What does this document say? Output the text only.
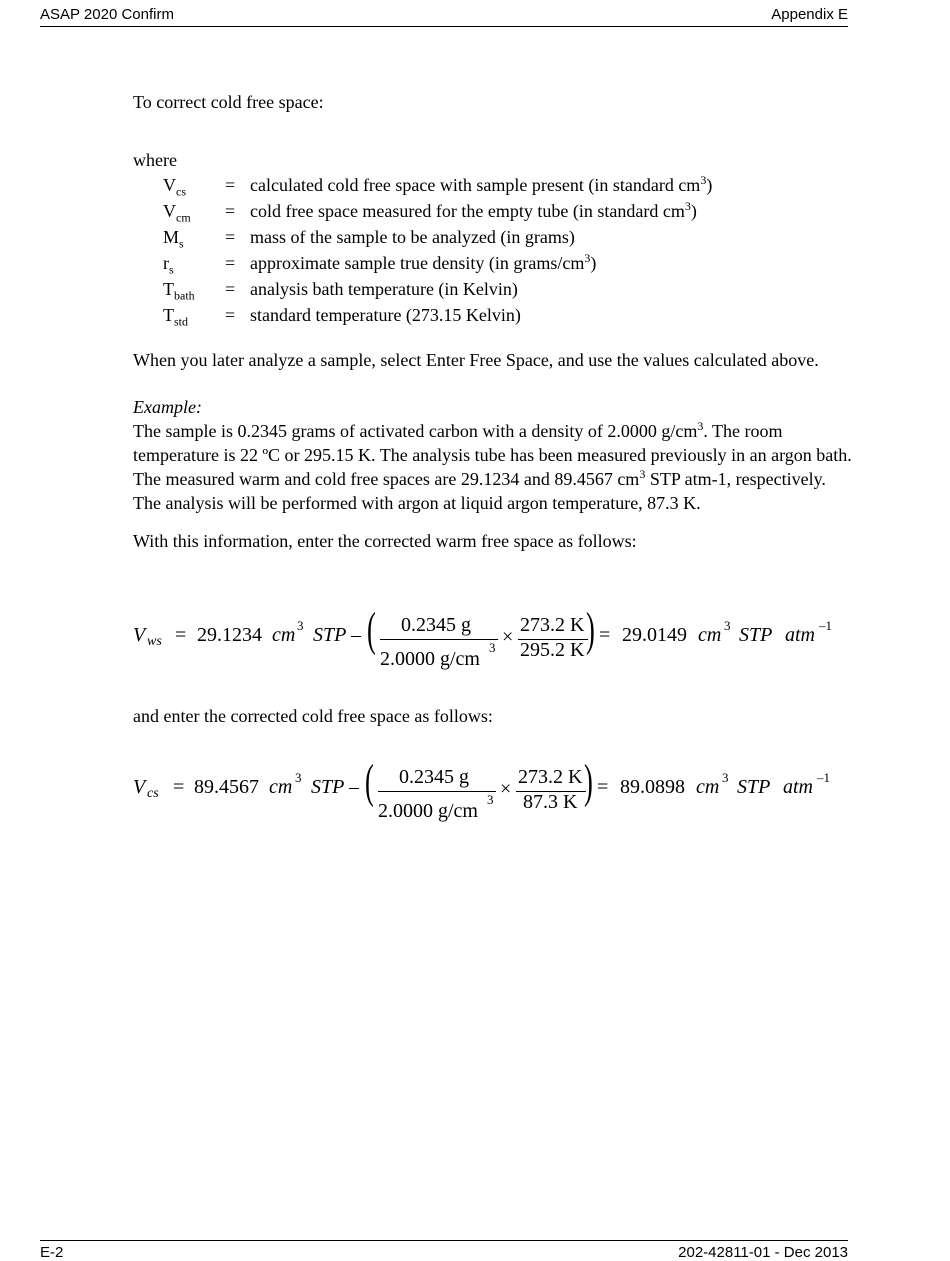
ASAP 2020 Confirm	Appendix E

To correct cold free space:

where

$V_{cs}$	=	calculated cold free space with sample present (in standard $cm^3$)
$V_{cm}$	=	cold free space measured for the empty tube (in standard $cm^3$)
$M_s$	=	mass of the sample to be analyzed (in grams)
$r_s$	=	approximate sample true density (in grams/$cm^3$)
$T_{bath}$	=	analysis bath temperature (in Kelvin)
$T_{std}$	=	standard temperature (273.15 Kelvin)

When you later analyze a sample, select Enter Free Space, and use the values calculated above.

Example:

The sample is 0.2345 grams of activated carbon with a density of 2.0000 $g/cm^3$. The room temperature is 22 ºC or 295.15 K. The analysis tube has been measured previously in an argon bath. The measured warm and cold free spaces are 29.1234 and 89.4567 $cm^3$ STP atm-1, respectively. The analysis will be performed with argon at liquid argon temperature, 87.3 K.

With this information, enter the corrected warm free space as follows:

V ws = 29.1234 cm 3 STP – ( 0.2345 g
2.0000 g/cm
3 ×
273.2 K
295.2 K ) = 29.0149 cm 3 STP atm –1

and enter the corrected cold free space as follows:

V cs = 89.4567 cm 3 STP – ( 0.2345 g
2.0000 g/cm
3 ×
273.2 K
87.3 K ) = 89.0898 cm 3 STP atm –1
E-2	202-42811-01 - Dec 2013
